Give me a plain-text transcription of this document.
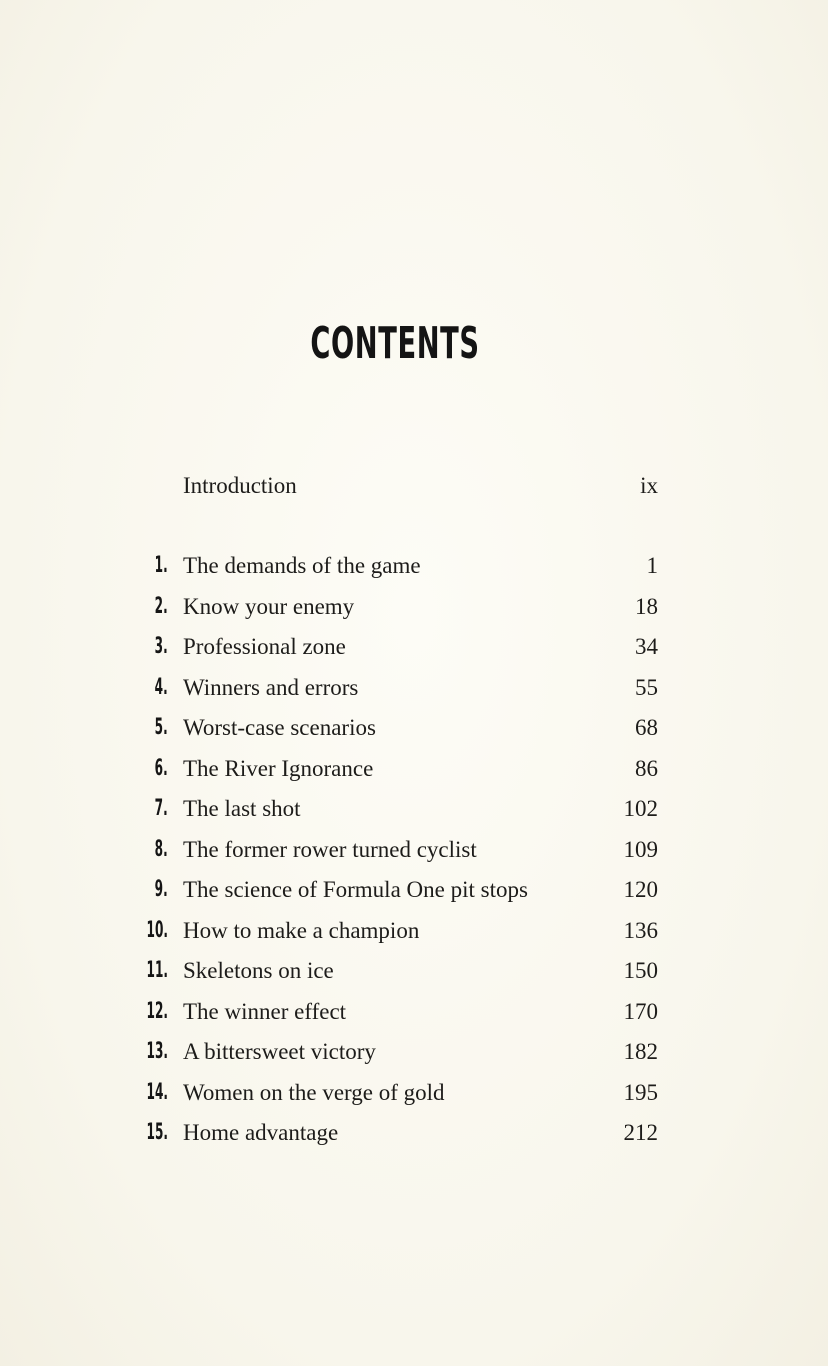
CONTENTS
Introduction	ix
1. The demands of the game	1
2. Know your enemy	18
3. Professional zone	34
4. Winners and errors	55
5. Worst-case scenarios	68
6. The River Ignorance	86
7. The last shot	102
8. The former rower turned cyclist	109
9. The science of Formula One pit stops	120
10. How to make a champion	136
11. Skeletons on ice	150
12. The winner effect	170
13. A bittersweet victory	182
14. Women on the verge of gold	195
15. Home advantage	212
